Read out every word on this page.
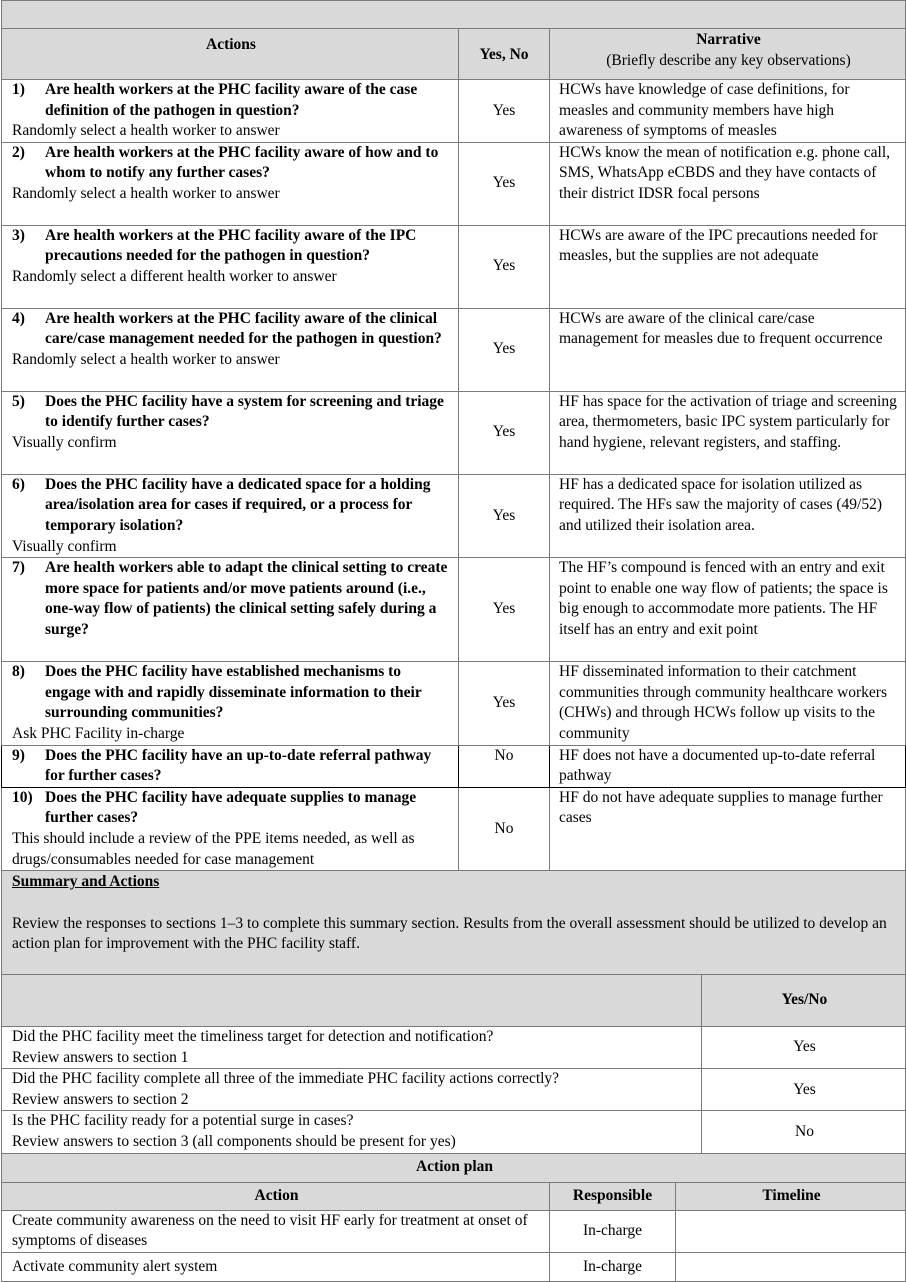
Actions	Yes, No	Narrative
(Briefly describe any key observations)

1) Are health workers at the PHC facility aware of the case definition of the pathogen in question?
Randomly select a health worker to answer	Yes	HCWs have knowledge of case definitions, for measles and community members have high awareness of symptoms of measles

2) Are health workers at the PHC facility aware of how and to whom to notify any further cases?
Randomly select a health worker to answer	Yes	HCWs know the mean of notification e.g. phone call, SMS, WhatsApp eCBDS and they have contacts of their district IDSR focal persons

3) Are health workers at the PHC facility aware of the IPC precautions needed for the pathogen in question?
Randomly select a different health worker to answer	Yes	HCWs are aware of the IPC precautions needed for measles, but the supplies are not adequate

4) Are health workers at the PHC facility aware of the clinical care/case management needed for the pathogen in question?
Randomly select a health worker to answer	Yes	HCWs are aware of the clinical care/case management for measles due to frequent occurrence

5) Does the PHC facility have a system for screening and triage to identify further cases?
Visually confirm	Yes	HF has space for the activation of triage and screening area, thermometers, basic IPC system particularly for hand hygiene, relevant registers, and staffing.

6) Does the PHC facility have a dedicated space for a holding area/isolation area for cases if required, or a process for temporary isolation?
Visually confirm	Yes	HF has a dedicated space for isolation utilized as required. The HFs saw the majority of cases (49/52) and utilized their isolation area.

7) Are health workers able to adapt the clinical setting to create more space for patients and/or move patients around (i.e., one-way flow of patients) the clinical setting safely during a surge?	Yes	The HF’s compound is fenced with an entry and exit point to enable one way flow of patients; the space is big enough to accommodate more patients. The HF itself has an entry and exit point

8) Does the PHC facility have established mechanisms to engage with and rapidly disseminate information to their surrounding communities?
Ask PHC Facility in-charge	Yes	HF disseminated information to their catchment communities through community healthcare workers (CHWs) and through HCWs follow up visits to the community

9) Does the PHC facility have an up-to-date referral pathway for further cases?	No	HF does not have a documented up-to-date referral pathway

10) Does the PHC facility have adequate supplies to manage further cases?
This should include a review of the PPE items needed, as well as drugs/consumables needed for case management	No	HF do not have adequate supplies to manage further cases

Summary and Actions
Review the responses to sections 1–3 to complete this summary section. Results from the overall assessment should be utilized to develop an action plan for improvement with the PHC facility staff.		
	Yes/No

Did the PHC facility meet the timeliness target for detection and notification?
Review answers to section 1	Yes

Did the PHC facility complete all three of the immediate PHC facility actions correctly?
Review answers to section 2	Yes

Is the PHC facility ready for a potential surge in cases?
Review answers to section 3 (all components should be present for yes)	No
Action plan		
Action	Responsible	Timeline
Create community awareness on the need to visit HF early for treatment at onset of symptoms of diseases	In-charge	
Activate community alert system	In-charge	
